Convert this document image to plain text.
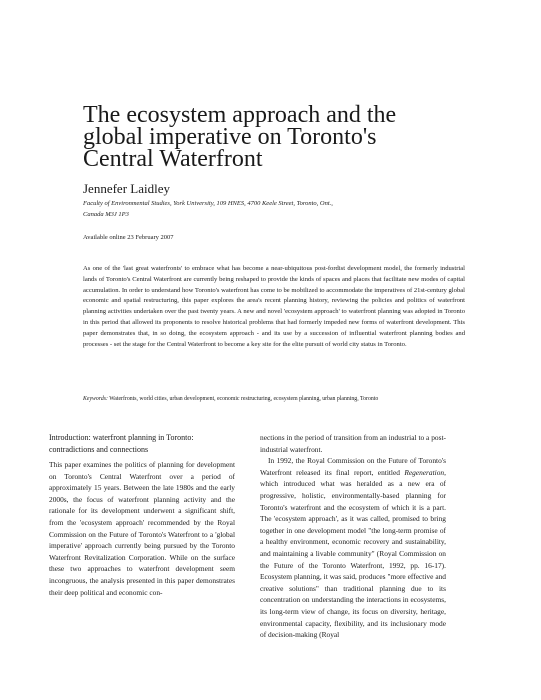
The ecosystem approach and the
global imperative on Toronto's
Central Waterfront

Jennefer Laidley

Faculty of Environmental Studies, York University, 109 HNES, 4700 Keele Street, Toronto, Ont.,
Canada M3J 1P3

Available online 23 February 2007

As one of the 'last great waterfronts' to embrace what has become a near-ubiquitous post-fordist development model, the formerly industrial lands of Toronto's Central Waterfront are currently being reshaped to provide the kinds of spaces and places that facilitate new modes of capital accumulation. In order to understand how Toronto's waterfront has come to be mobilized to accommodate the imperatives of 21st-century global economic and spatial restructuring, this paper explores the area's recent planning history, reviewing the policies and politics of waterfront planning activities undertaken over the past twenty years. A new and novel 'ecosystem approach' to waterfront planning was adopted in Toronto in this period that allowed its proponents to resolve historical problems that had formerly impeded new forms of waterfront development. This paper demonstrates that, in so doing, the ecosystem approach - and its use by a succession of influential waterfront planning bodies and processes - set the stage for the Central Waterfront to become a key site for the elite pursuit of world city status in Toronto.

Keywords: Waterfronts, world cities, urban development, economic restructuring, ecosystem planning, urban planning, Toronto

Introduction: waterfront planning in Toronto: contradictions and connections

This paper examines the politics of planning for development on Toronto's Central Waterfront over a period of approximately 15 years. Between the late 1980s and the early 2000s, the focus of waterfront planning activity and the rationale for its development underwent a significant shift, from the 'ecosystem approach' recommended by the Royal Commission on the Future of Toronto's Waterfront to a 'global imperative' approach currently being pursued by the Toronto Waterfront Revitalization Corporation. While on the surface these two approaches to waterfront development seem incongruous, the analysis presented in this paper demonstrates their deep political and economic con-

nections in the period of transition from an industrial to a post-industrial waterfront.

In 1992, the Royal Commission on the Future of Toronto's Waterfront released its final report, entitled Regeneration, which introduced what was heralded as a new era of progressive, holistic, environmentally-based planning for Toronto's waterfront and the ecosystem of which it is a part. The 'ecosystem approach', as it was called, promised to bring together in one development model "the long-term promise of a healthy environment, economic recovery and sustainability, and maintaining a livable community" (Royal Commission on the Future of the Toronto Waterfront, 1992, pp. 16-17). Ecosystem planning, it was said, produces "more effective and creative solutions" than traditional planning due to its concentration on understanding the interactions in ecosystems, its long-term view of change, its focus on diversity, heritage, environmental capacity, flexibility, and its inclusionary mode of decision-making (Royal
